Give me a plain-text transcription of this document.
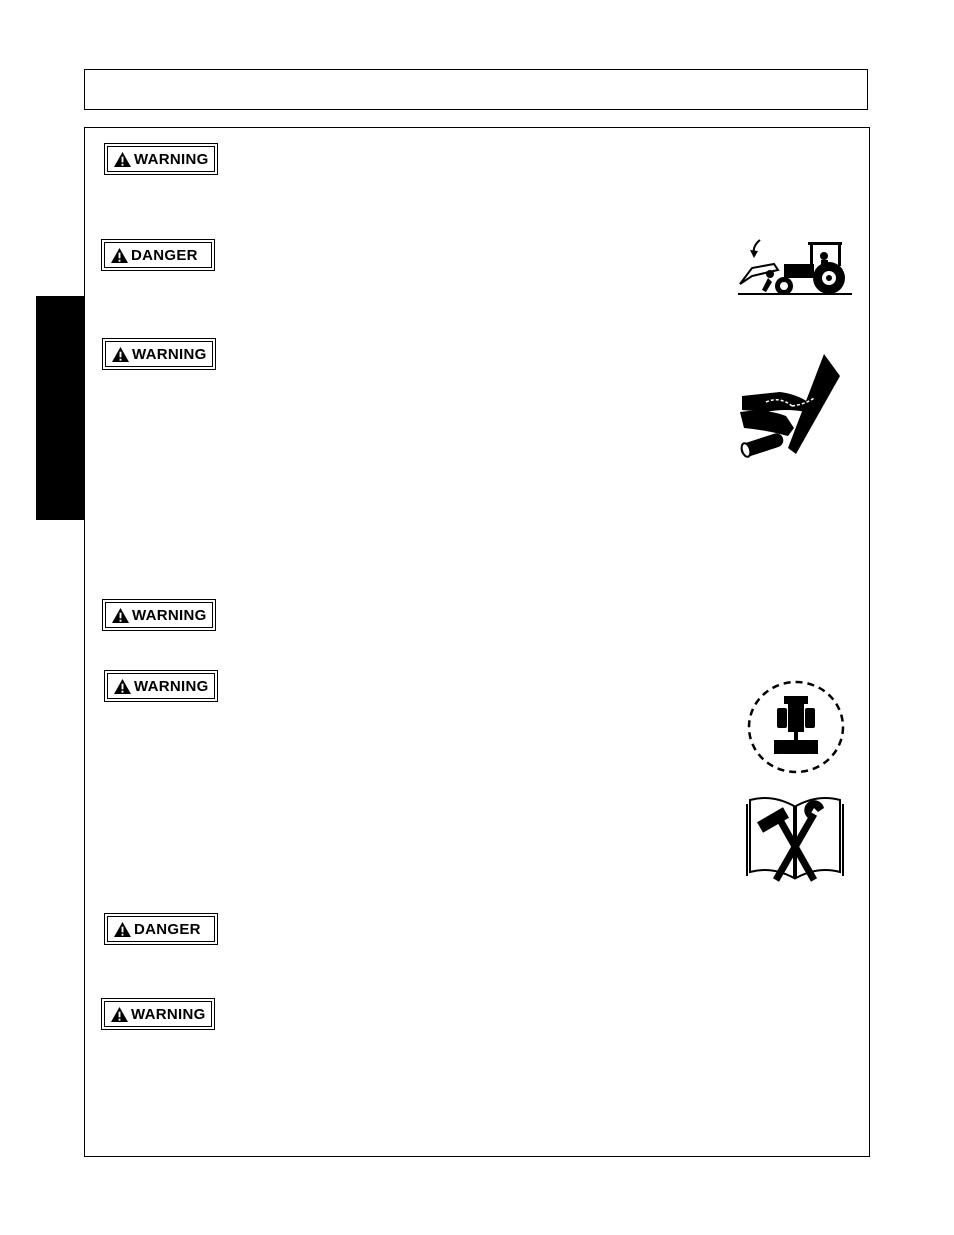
WARNING
DANGER
WARNING
WARNING
WARNING
DANGER
WARNING
